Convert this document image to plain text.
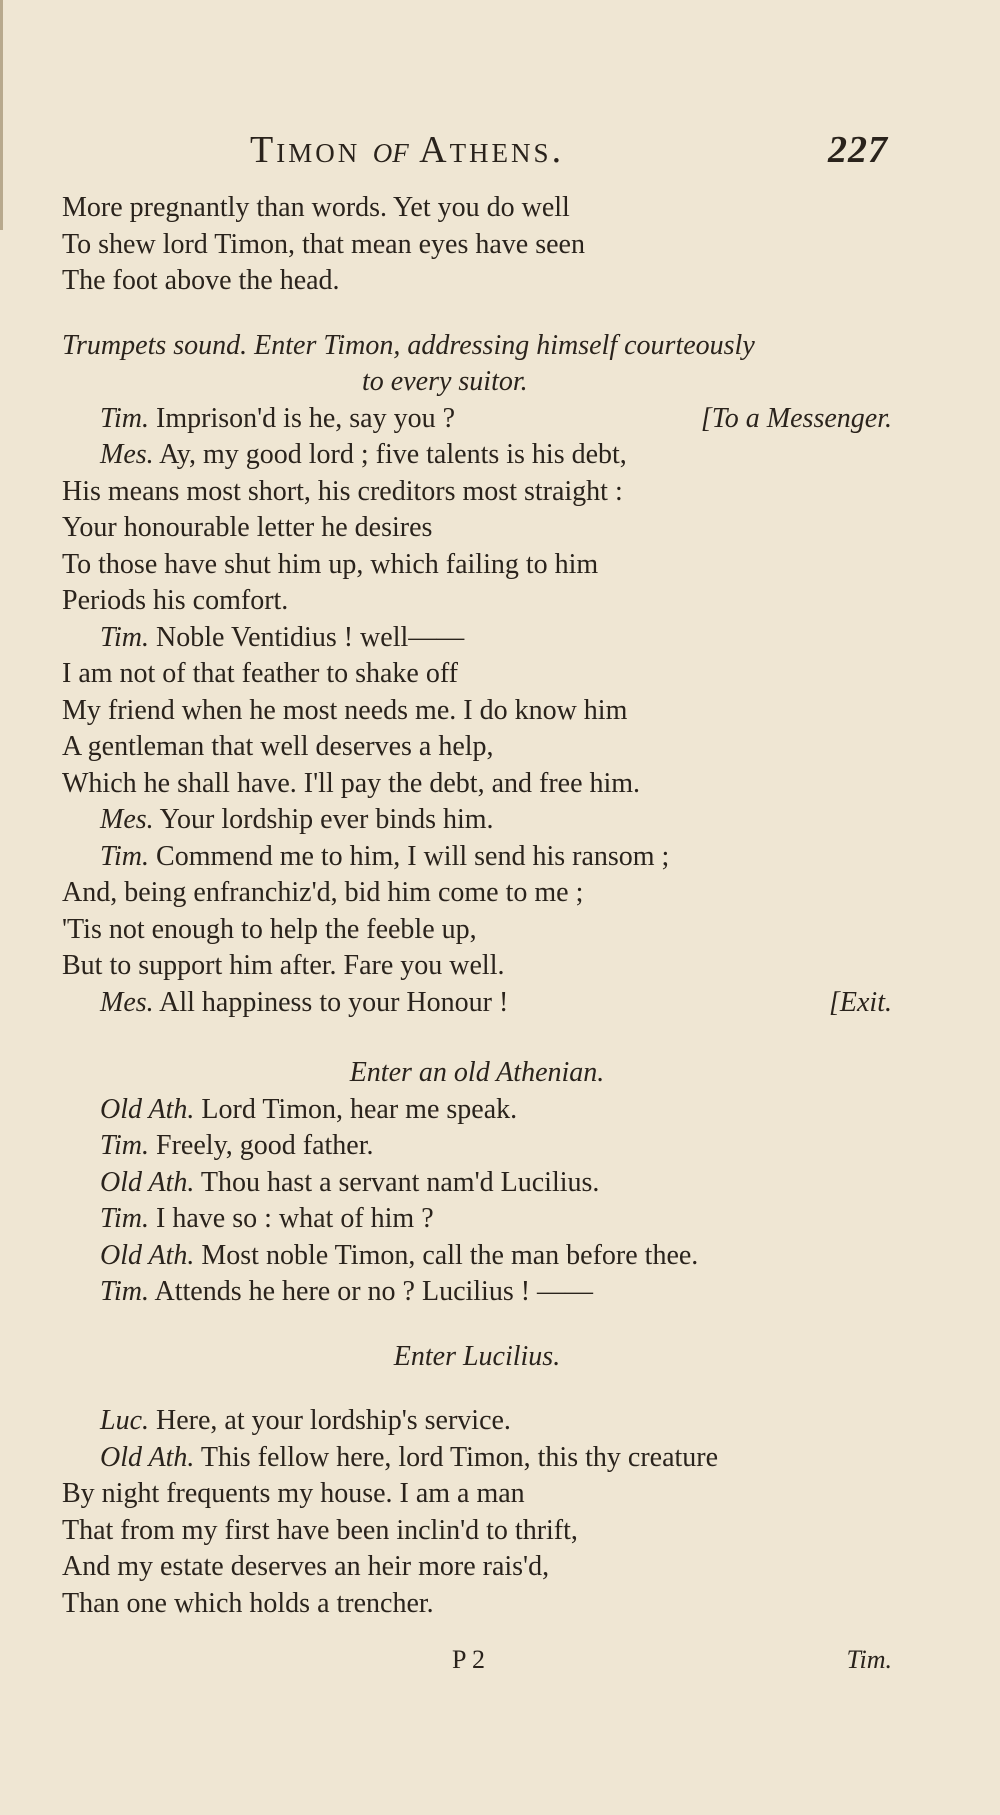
Timon of Athens.	227
More pregnantly than words. Yet you do well
To shew lord Timon, that mean eyes have seen
The foot above the head.
Trumpets sound. Enter Timon, addressing himself courteously
to every suitor.
Tim. Imprison'd is he, say you ?	[To a Messenger.
Mes. Ay, my good lord ; five talents is his debt,
His means most short, his creditors most straight :
Your honourable letter he desires
To those have shut him up, which failing to him
Periods his comfort.
Tim. Noble Ventidius ! well——
I am not of that feather to shake off
My friend when he most needs me. I do know him
A gentleman that well deserves a help,
Which he shall have. I'll pay the debt, and free him.
Mes. Your lordship ever binds him.
Tim. Commend me to him, I will send his ransom ;
And, being enfranchiz'd, bid him come to me ;
'Tis not enough to help the feeble up,
But to support him after. Fare you well.
Mes. All happiness to your Honour !	[Exit.
Enter an old Athenian.
Old Ath. Lord Timon, hear me speak.
Tim. Freely, good father.
Old Ath. Thou hast a servant nam'd Lucilius.
Tim. I have so : what of him ?
Old Ath. Most noble Timon, call the man before thee.
Tim. Attends he here or no ? Lucilius ! ——
Enter Lucilius.
Luc. Here, at your lordship's service.
Old Ath. This fellow here, lord Timon, this thy creature
By night frequents my house. I am a man
That from my first have been inclin'd to thrift,
And my estate deserves an heir more rais'd,
Than one which holds a trencher.
P 2	Tim.
